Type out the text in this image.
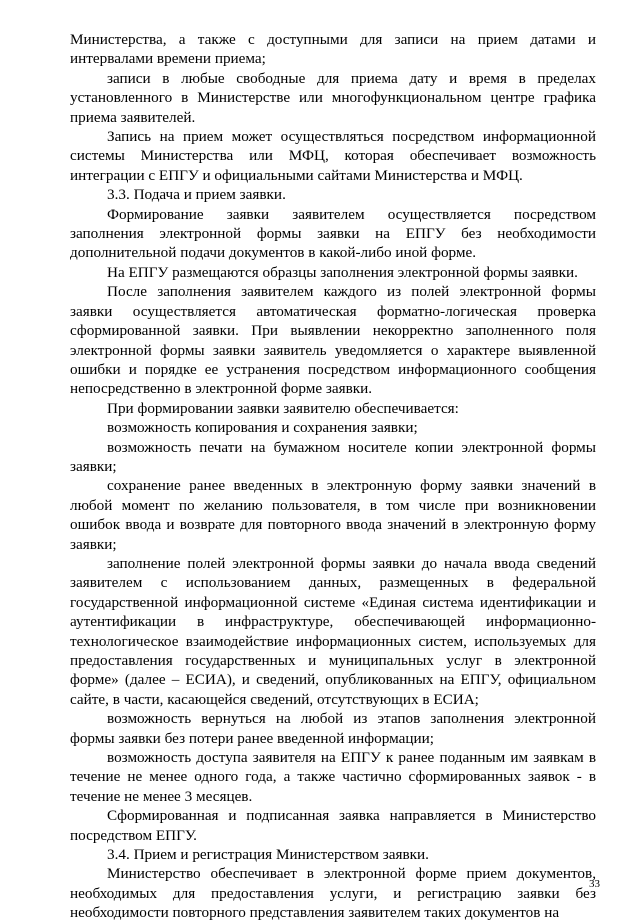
Министерства, а также с доступными для записи на прием датами и интервалами времени приема;

записи в любые свободные для приема дату и время в пределах установленного в Министерстве или многофункциональном центре графика приема заявителей.

Запись на прием может осуществляться посредством информационной системы Министерства или МФЦ, которая обеспечивает возможность интеграции с ЕПГУ и официальными сайтами Министерства и МФЦ.

3.3. Подача и прием заявки.

Формирование заявки заявителем осуществляется посредством заполнения электронной формы заявки на ЕПГУ без необходимости дополнительной подачи документов в какой-либо иной форме.

На ЕПГУ размещаются образцы заполнения электронной формы заявки.

После заполнения заявителем каждого из полей электронной формы заявки осуществляется автоматическая форматно-логическая проверка сформированной заявки. При выявлении некорректно заполненного поля электронной формы заявки заявитель уведомляется о характере выявленной ошибки и порядке ее устранения посредством информационного сообщения непосредственно в электронной форме заявки.

При формировании заявки заявителю обеспечивается:

возможность копирования и сохранения заявки;

возможность печати на бумажном носителе копии электронной формы заявки;

сохранение ранее введенных в электронную форму заявки значений в любой момент по желанию пользователя, в том числе при возникновении ошибок ввода и возврате для повторного ввода значений в электронную форму заявки;

заполнение полей электронной формы заявки до начала ввода сведений заявителем с использованием данных, размещенных в федеральной государственной информационной системе «Единая система идентификации и аутентификации в инфраструктуре, обеспечивающей информационно-технологическое взаимодействие информационных систем, используемых для предоставления государственных и муниципальных услуг в электронной форме» (далее – ЕСИА), и сведений, опубликованных на ЕПГУ, официальном сайте, в части, касающейся сведений, отсутствующих в ЕСИА;

возможность вернуться на любой из этапов заполнения электронной формы заявки без потери ранее введенной информации;

возможность доступа заявителя на ЕПГУ к ранее поданным им заявкам в течение не менее одного года, а также частично сформированных заявок - в течение не менее 3 месяцев.

Сформированная и подписанная заявка направляется в Министерство посредством ЕПГУ.

3.4. Прием и регистрация Министерством заявки.

Министерство обеспечивает в электронной форме прием документов, необходимых для предоставления услуги, и регистрацию заявки без необходимости повторного представления заявителем таких документов на

33
